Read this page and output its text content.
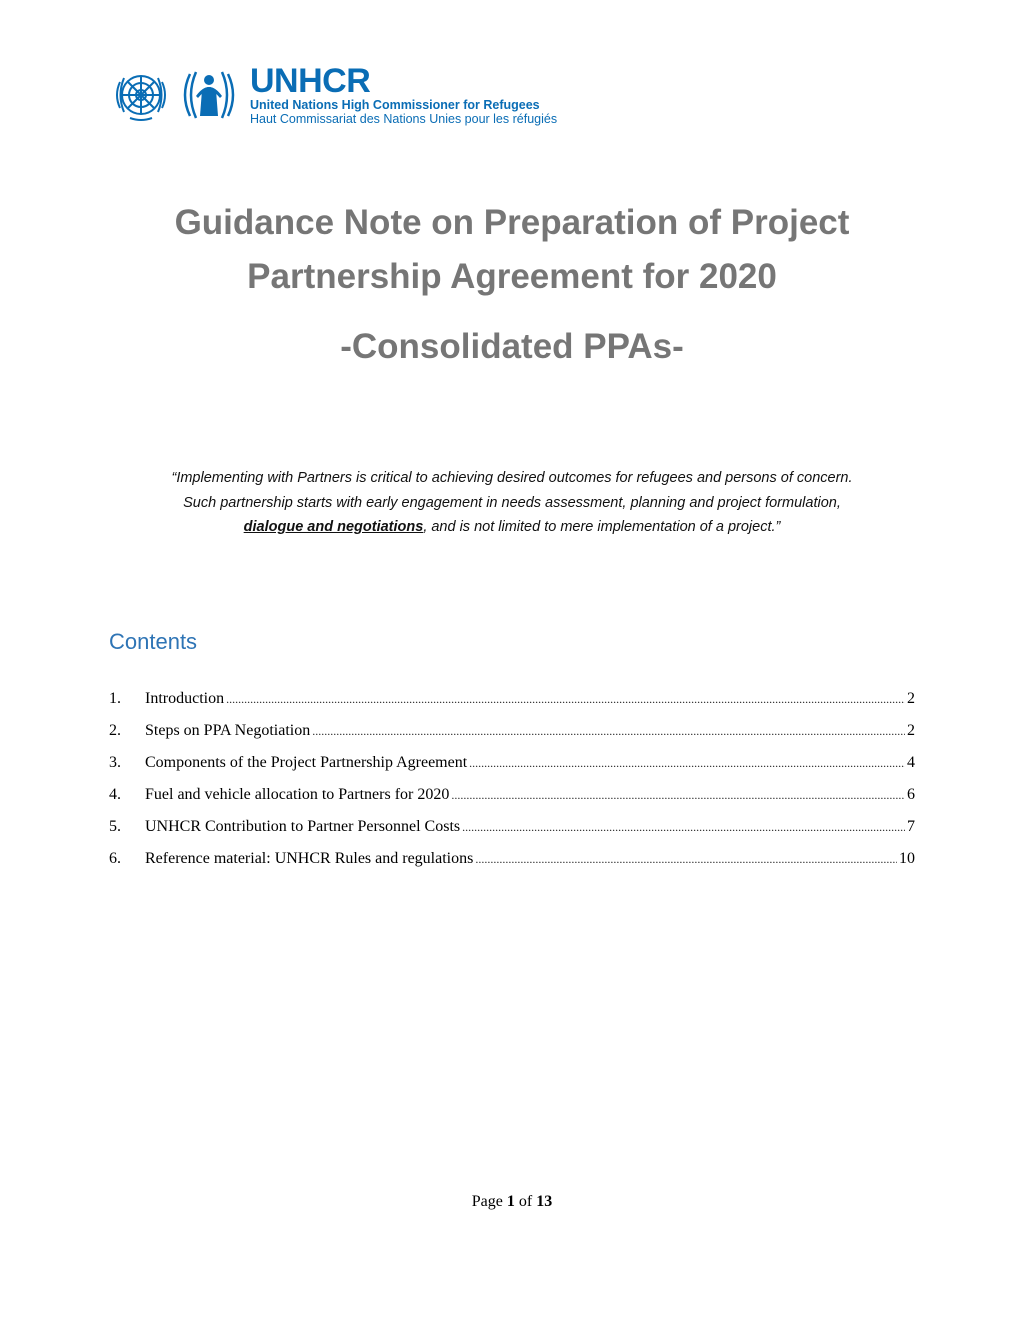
UNHCR
United Nations High Commissioner for Refugees
Haut Commissariat des Nations Unies pour les réfugiés
Guidance Note on Preparation of Project
Partnership Agreement for 2020
-Consolidated PPAs-
“Implementing with Partners is critical to achieving desired outcomes for refugees and persons of concern.
Such partnership starts with early engagement in needs assessment, planning and project formulation,
dialogue and negotiations, and is not limited to mere implementation of a project.”
Contents
1.	Introduction .....	2
2.	Steps on PPA Negotiation .....	2
3.	Components of the Project Partnership Agreement .....	4
4.	Fuel and vehicle allocation to Partners for 2020 .....	6
5.	UNHCR Contribution to Partner Personnel Costs .....	7
6.	Reference material: UNHCR Rules and regulations .....	10
Page 1 of 13
